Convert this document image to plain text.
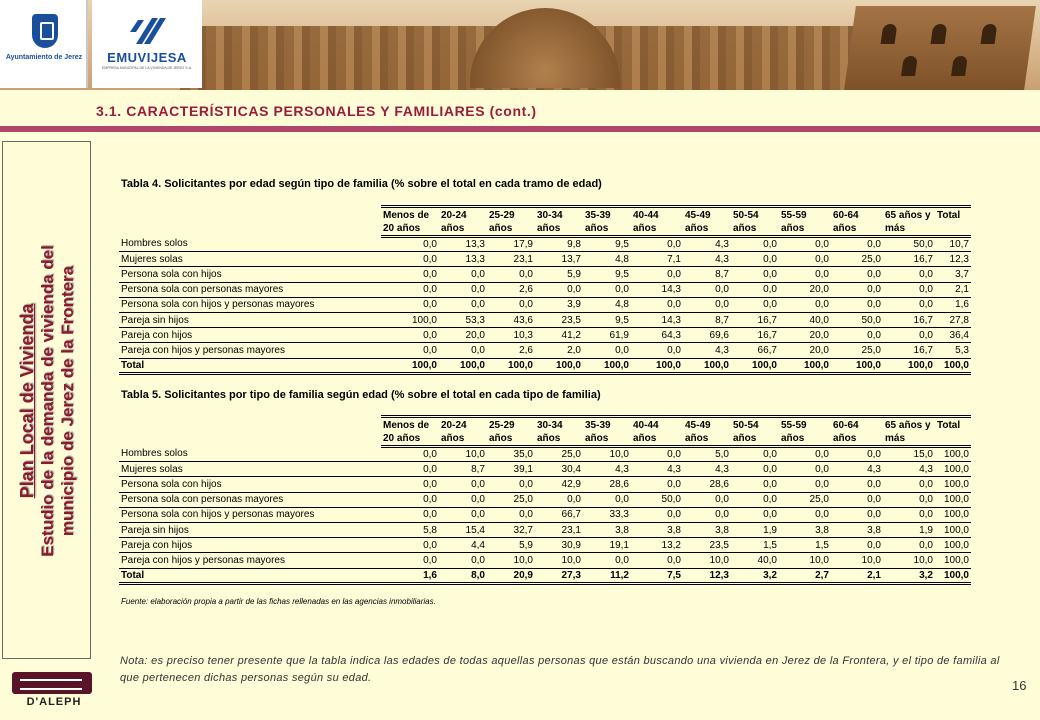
Ayuntamiento de Jerez	EMUVIJESA
EMPRESA MUNICIPAL DE LA VIVIENDA DE JEREZ S.A.
3.1. CARACTERÍSTICAS PERSONALES Y FAMILIARES (cont.)
Plan Local de Vivienda Estudio de la demanda de vivienda del municipio de Jerez de la Frontera
Tabla 4. Solicitantes por edad según tipo de familia (% sobre el total en cada tramo de edad)
	Menos de	20-24	25-29	30-34	35-39	40-44	45-49	50-54	55-59	60-64	65 años y	Total
	20 años	años	años	años	años	años	años	años	años	años	más	
Hombres solos	0,0	13,3	17,9	9,8	9,5	0,0	4,3	0,0	0,0	0,0	50,0	10,7
Mujeres solas	0,0	13,3	23,1	13,7	4,8	7,1	4,3	0,0	0,0	25,0	16,7	12,3
Persona sola con hijos	0,0	0,0	0,0	5,9	9,5	0,0	8,7	0,0	0,0	0,0	0,0	3,7
Persona sola con personas mayores	0,0	0,0	2,6	0,0	0,0	14,3	0,0	0,0	20,0	0,0	0,0	2,1
Persona sola con hijos y personas mayores	0,0	0,0	0,0	3,9	4,8	0,0	0,0	0,0	0,0	0,0	0,0	1,6
Pareja sin hijos	100,0	53,3	43,6	23,5	9,5	14,3	8,7	16,7	40,0	50,0	16,7	27,8
Pareja con hijos	0,0	20,0	10,3	41,2	61,9	64,3	69,6	16,7	20,0	0,0	0,0	36,4
Pareja con hijos y personas mayores	0,0	0,0	2,6	2,0	0,0	0,0	4,3	66,7	20,0	25,0	16,7	5,3
Total	100,0	100,0	100,0	100,0	100,0	100,0	100,0	100,0	100,0	100,0	100,0	100,0
Tabla 5. Solicitantes por tipo de familia según edad (% sobre el total en cada tipo de familia)
	Menos de	20-24	25-29	30-34	35-39	40-44	45-49	50-54	55-59	60-64	65 años y	Total
	20 años	años	años	años	años	años	años	años	años	años	más	
Hombres solos	0,0	10,0	35,0	25,0	10,0	0,0	5,0	0,0	0,0	0,0	15,0	100,0
Mujeres solas	0,0	8,7	39,1	30,4	4,3	4,3	4,3	0,0	0,0	4,3	4,3	100,0
Persona sola con hijos	0,0	0,0	0,0	42,9	28,6	0,0	28,6	0,0	0,0	0,0	0,0	100,0
Persona sola con personas mayores	0,0	0,0	25,0	0,0	0,0	50,0	0,0	0,0	25,0	0,0	0,0	100,0
Persona sola con hijos y personas mayores	0,0	0,0	0,0	66,7	33,3	0,0	0,0	0,0	0,0	0,0	0,0	100,0
Pareja sin hijos	5,8	15,4	32,7	23,1	3,8	3,8	3,8	1,9	3,8	3,8	1,9	100,0
Pareja con hijos	0,0	4,4	5,9	30,9	19,1	13,2	23,5	1,5	1,5	0,0	0,0	100,0
Pareja con hijos y personas mayores	0,0	0,0	10,0	10,0	0,0	0,0	10,0	40,0	10,0	10,0	10,0	100,0
Total	1,6	8,0	20,9	27,3	11,2	7,5	12,3	3,2	2,7	2,1	3,2	100,0
Fuente: elaboración propia a partir de las fichas rellenadas en las agencias inmobiliarias.
Nota: es preciso tener presente que la tabla indica las edades de todas aquellas personas que están buscando una vivienda en Jerez de la Frontera, y el tipo de familia al que pertenecen dichas personas según su edad.
D'ALEPH
16
